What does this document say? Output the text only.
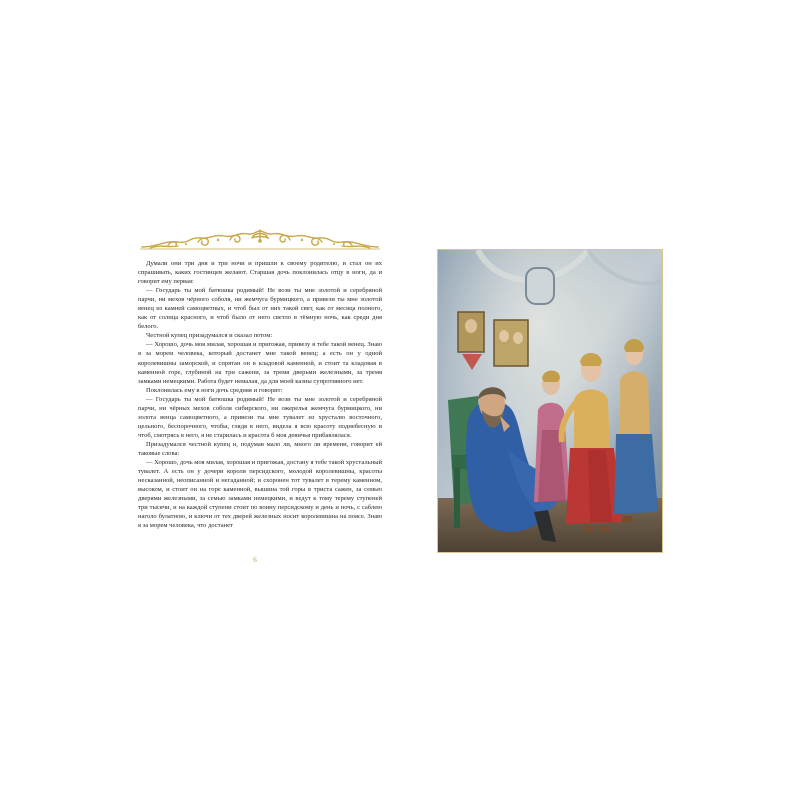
Думали они три дня и три ночи и пришли к своему родителю, и стал он их спрашивать, каких гостинцев желают. Старшая дочь поклонилась отцу в ноги, да и говорит ему первая:

— Государь ты мой батюшка родимый! Не вози ты мне золотой и серебряной парчи, ни мехов чёрного соболя, ни жемчуга бурмицкого, а привези ты мне золотой венец из камней самоцветных, и чтоб был от них такой свет, как от месяца полного, как от солнца красного, и чтоб было от него светло в тёмную ночь, как среди дня белого.

Честной купец призадумался и сказал потом:

— Хорошо, дочь моя милая, хорошая и пригожая, привезу я тебе такой венец. Знаю я за морем человека, который достанет мне такой венец; а есть он у одной королевишны заморской, и спрятан он в кладовой каменной, и стоит та кладовая в каменной горе, глубиной на три сажени, за тремя дверьми железными, за тремя замками немецкими. Работа будет немалая, да для моей казны супротивного нет.

Поклонилась ему в ноги дочь средняя и говорит:

— Государь ты мой батюшка родимый! Не вози ты мне золотой и серебряной парчи, ни чёрных мехов соболя сибирского, ни ожерелья жемчуга бурмицкого, ни золота венца самоцветного, а привези ты мне тувалет из хрусталю восточного, цельного, беспорочного, чтобы, глядя в него, видела я всю красоту поднебесную и чтоб, смотрясь в него, я не старилась и красота б моя девичья прибавлялася.

Призадумался честной купец и, подумав мало ли, много ли времени, говорит ей таковые слова:

— Хорошо, дочь моя милая, хорошая и пригожая, достану я тебе такой хрустальный тувалет. А есть он у дочери короля персидского, молодой королевишны, красоты несказанной, неописанной и негаданной; и схоронен тот тувалет в терему каменном, высоком, и стоит он на горе каменной, вышина той горы в триста сажен, за семью дверями железными, за семью замками немецкими, и ведут к тому терему ступеней три тысячи, и на каждой ступени стоит по воину персидскому и день и ночь, с саблею наголо булатною, и ключи от тех дверей железных носит королевишна на поясе. Знаю я за морем человека, что достанет

6
